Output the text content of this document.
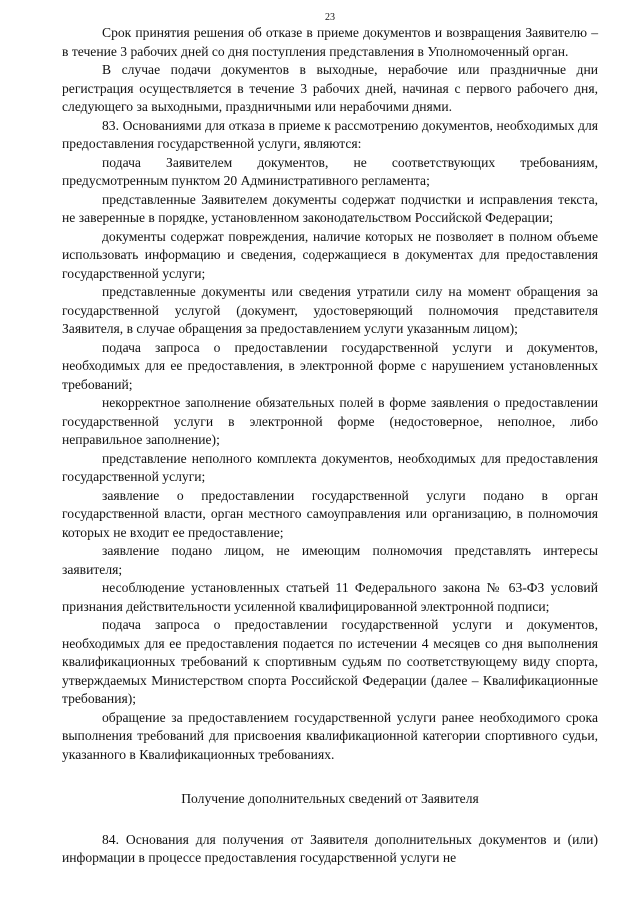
23

Срок принятия решения об отказе в приеме документов и возвращения Заявителю – в течение 3 рабочих дней со дня поступления представления в Уполномоченный орган.

В случае подачи документов в выходные, нерабочие или праздничные дни регистрация осуществляется в течение 3 рабочих дней, начиная с первого рабочего дня, следующего за выходными, праздничными или нерабочими днями.

83. Основаниями для отказа в приеме к рассмотрению документов, необходимых для предоставления государственной услуги, являются:

подача Заявителем документов, не соответствующих требованиям, предусмотренным пунктом 20 Административного регламента;

представленные Заявителем документы содержат подчистки и исправления текста, не заверенные в порядке, установленном законодательством Российской Федерации;

документы содержат повреждения, наличие которых не позволяет в полном объеме использовать информацию и сведения, содержащиеся в документах для предоставления государственной услуги;

представленные документы или сведения утратили силу на момент обращения за государственной услугой (документ, удостоверяющий полномочия представителя Заявителя, в случае обращения за предоставлением услуги указанным лицом);

подача запроса о предоставлении государственной услуги и документов, необходимых для ее предоставления, в электронной форме с нарушением установленных требований;

некорректное заполнение обязательных полей в форме заявления о предоставлении государственной услуги в электронной форме (недостоверное, неполное, либо неправильное заполнение);

представление неполного комплекта документов, необходимых для предоставления государственной услуги;

заявление о предоставлении государственной услуги подано в орган государственной власти, орган местного самоуправления или организацию, в полномочия которых не входит ее предоставление;

заявление подано лицом, не имеющим полномочия представлять интересы заявителя;

несоблюдение установленных статьей 11 Федерального закона № 63-ФЗ условий признания действительности усиленной квалифицированной электронной подписи;

подача запроса о предоставлении государственной услуги и документов, необходимых для ее предоставления подается по истечении 4 месяцев со дня выполнения квалификационных требований к спортивным судьям по соответствующему виду спорта, утверждаемых Министерством спорта Российской Федерации (далее – Квалификационные требования);

обращение за предоставлением государственной услуги ранее необходимого срока выполнения требований для присвоения квалификационной категории спортивного судьи, указанного в Квалификационных требованиях.

Получение дополнительных сведений от Заявителя

84. Основания для получения от Заявителя дополнительных документов и (или) информации в процессе предоставления государственной услуги не
